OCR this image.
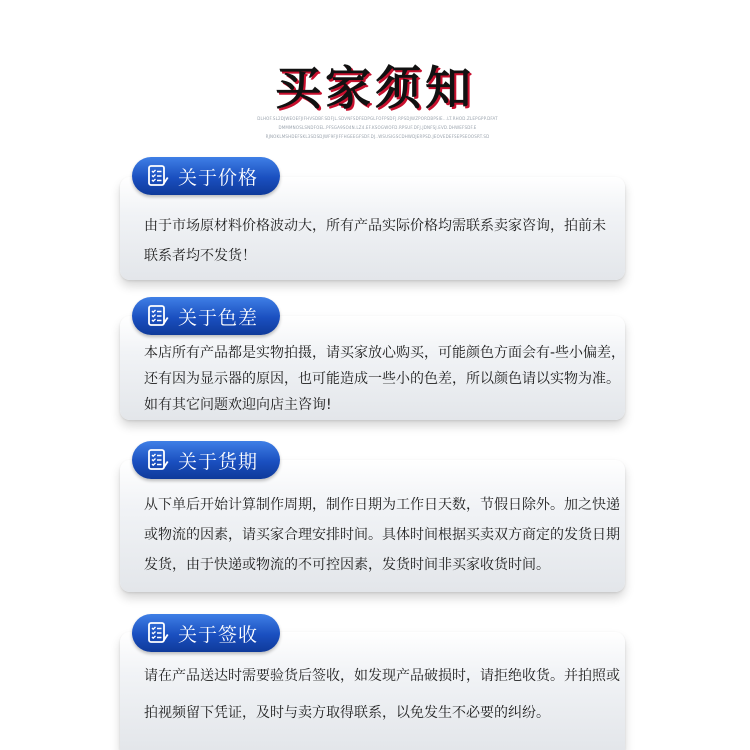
买家须知
DLHOF.SL2DJWEOEFJIFHVSDBF.SDFJL.SDVNFSDFEDPGLFOFPSDFJ.RPSDJWZPORDBPSIE...LT.RHOD.ZLEPGPP.DFAT
DMMMNOSLSNDFOEL.PFSGA9SO4N.LZ4.EF.KSOGWOFD.RPSUF.DFJ.JDNFSJ.EVD.DHWEFSDF.E
RJNOKLMSHDEFSKL3SDSDJWF9FJIFFHGEEGFSDF.DJ..WSUSIGSCDHWDJERPSD.JEOVEDEFSEPSEOOSRT.SD
由于市场原材料价格波动大，所有产品实际价格均需联系卖家咨询，拍前未
联系者均不发货！
关于价格
本店所有产品都是实物拍摄，请买家放心购买，可能颜色方面会有-些小偏差，
还有因为显示器的原因，也可能造成一些小的色差，所以颜色请以实物为准。
如有其它问题欢迎向店主咨询!
关于色差
从下单后开始计算制作周期，制作日期为工作日天数，节假日除外。加之快递
或物流的因素，请买家合理安排时间。具体时间根据买卖双方商定的发货日期
发货，由于快递或物流的不可控因素，发货时间非买家收货时间。
关于货期
请在产品送达时需要验货后签收，如发现产品破损时，请拒绝收货。并拍照或
拍视频留下凭证，及时与卖方取得联系，以免发生不必要的纠纷。
关于签收
